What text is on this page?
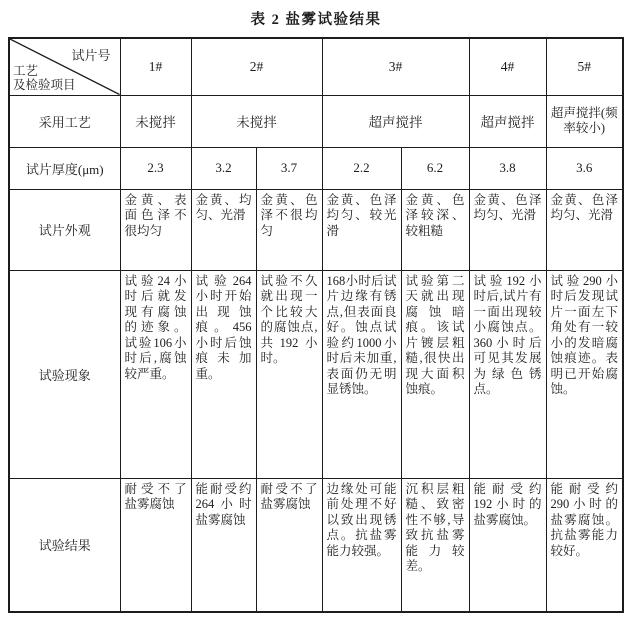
表 2 盐雾试验结果
试片号
工艺
及检验项目	1#	2#		3#		4#	5#
采用工艺	未搅拌	未搅拌		超声搅拌		超声搅拌	超声搅拌(频率较小)
试片厚度(μm)	2.3	3.2	3.7	2.2	6.2	3.8	3.6
试片外观	金黄、表面色泽不很均匀	金黄、均匀、光滑	金黄、色泽不很均匀	金黄、色泽均匀、较光滑	金黄、色泽较深、较粗糙	金黄、色泽均匀、光滑	金黄、色泽均匀、光滑
试验现象	试验24小时后就发现有腐蚀的迹象。试验106小时后,腐蚀较严重。	试验264小时开始出现蚀痕。456小时后蚀痕未加重。	试验不久就出现一个比较大的腐蚀点,共192小时。	168小时后试片边缘有锈点,但表面良好。蚀点试验约1000小时后未加重,表面仍无明显锈蚀。	试验第二天就出现腐蚀暗痕。该试片镀层粗糙,很快出现大面积蚀痕。	试验192小时后,试片有一面出现较小腐蚀点。360小时后可见其发展为绿色锈点。	试验290小时后发现试片一面左下角处有一较小的发暗腐蚀痕迹。表明已开始腐蚀。
试验结果	耐受不了盐雾腐蚀	能耐受约264小时盐雾腐蚀	耐受不了盐雾腐蚀	边缘处可能前处理不好以致出现锈点。抗盐雾能力较强。	沉积层粗糙、致密性不够,导致抗盐雾能力较差。	能耐受约192小时的盐雾腐蚀。	能耐受约290小时的盐雾腐蚀。抗盐雾能力较好。
